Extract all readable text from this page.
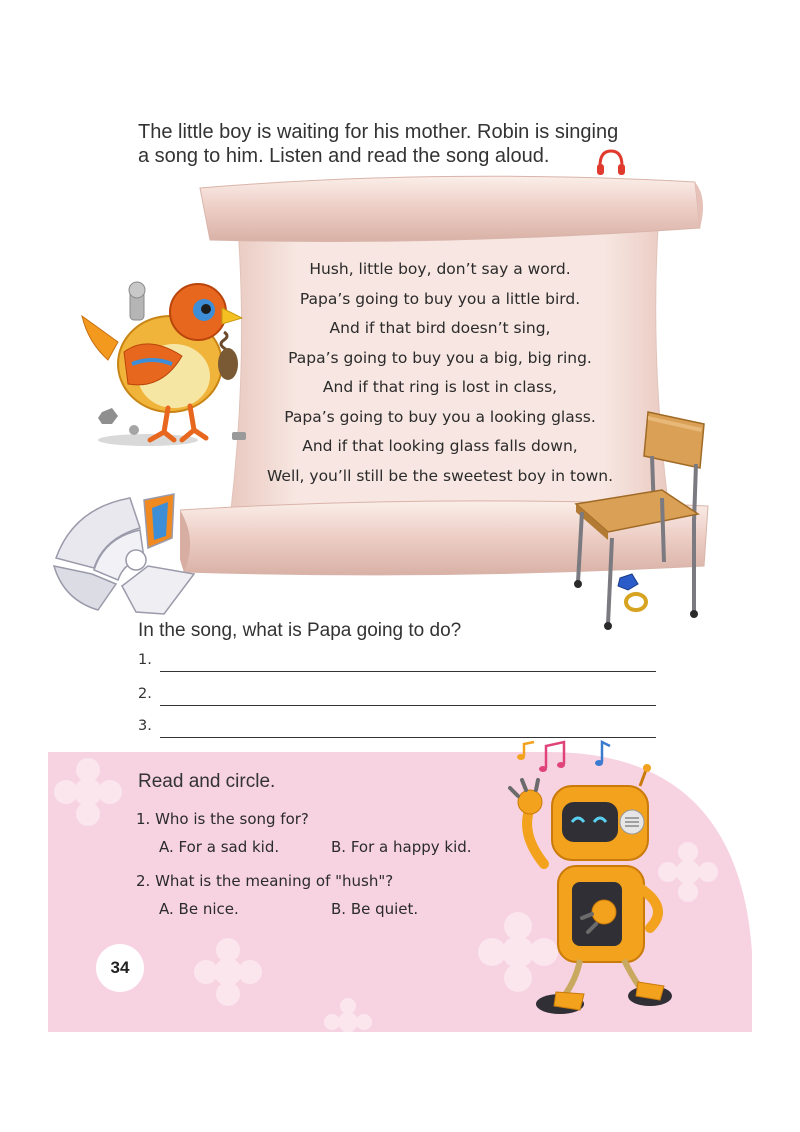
The little boy is waiting for his mother. Robin is singing
a song to him. Listen and read the song aloud.
Hush, little boy, don’t say a word.
Papa’s going to buy you a little bird.
And if that bird doesn’t sing,
Papa’s going to buy you a big, big ring.
And if that ring is lost in class,
Papa’s going to buy you a looking glass.
And if that looking glass falls down,
Well, you’ll still be the sweetest boy in town.
In the song, what is Papa going to do?
1.
2.
3.
Read and circle.
1. Who is the song for?
A. For a sad kid.	B. For a happy kid.
2. What is the meaning of "hush"?
A. Be nice.	B. Be quiet.
34
